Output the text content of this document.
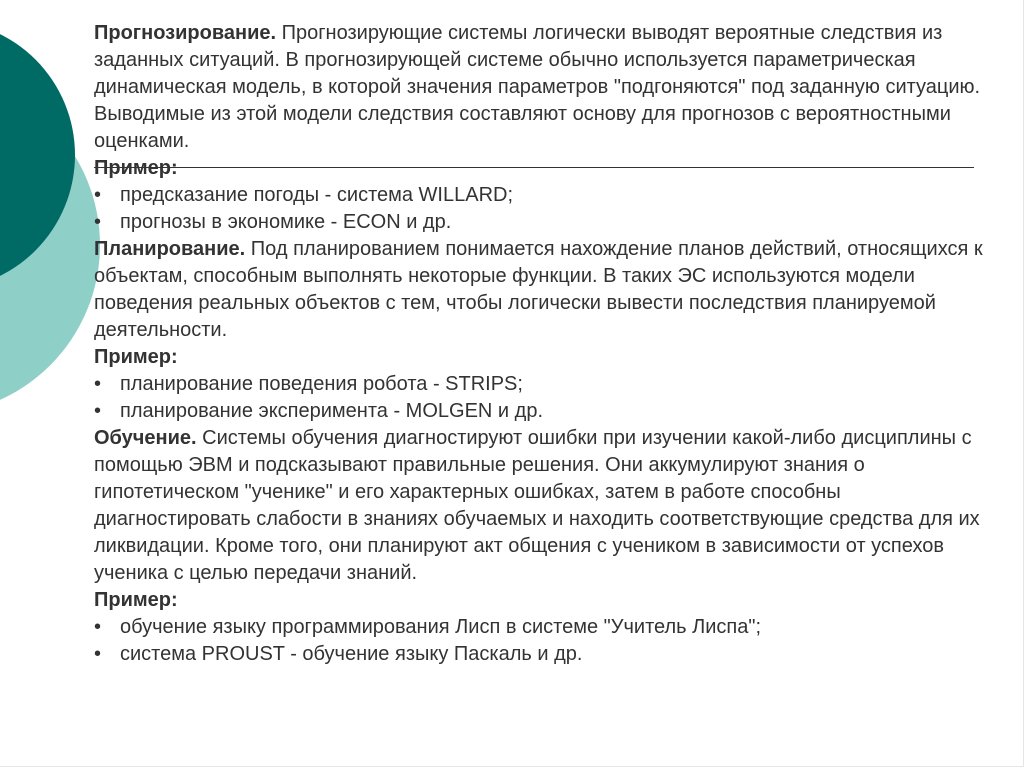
Прогнозирование. Прогнозирующие системы логически выводят вероятные следствия из заданных ситуаций. В прогнозирующей системе обычно используется параметрическая динамическая модель, в которой значения параметров "подгоняются" под заданную ситуацию. Выводимые из этой модели следствия составляют основу для прогнозов с вероятностными оценками.

Пример:
• предсказание погоды - система WILLARD;
• прогнозы в экономике - ECON и др.

Планирование. Под планированием понимается нахождение планов действий, относящихся к объектам, способным выполнять некоторые функции. В таких ЭС используются модели поведения реальных объектов с тем, чтобы логически вывести последствия планируемой деятельности.

Пример:
• планирование поведения робота - STRIPS;
• планирование эксперимента - MOLGEN и др.

Обучение. Системы обучения диагностируют ошибки при изучении какой-либо дисциплины с помощью ЭВМ и подсказывают правильные решения. Они аккумулируют знания о гипотетическом "ученике" и его характерных ошибках, затем в работе способны диагностировать слабости в знаниях обучаемых и находить соответствующие средства для их ликвидации. Кроме того, они планируют акт общения с учеником в зависимости от успехов ученика с целью передачи знаний.

Пример:
• обучение языку программирования Лисп в системе "Учитель Лиспа";
• система PROUST - обучение языку Паскаль и др.
